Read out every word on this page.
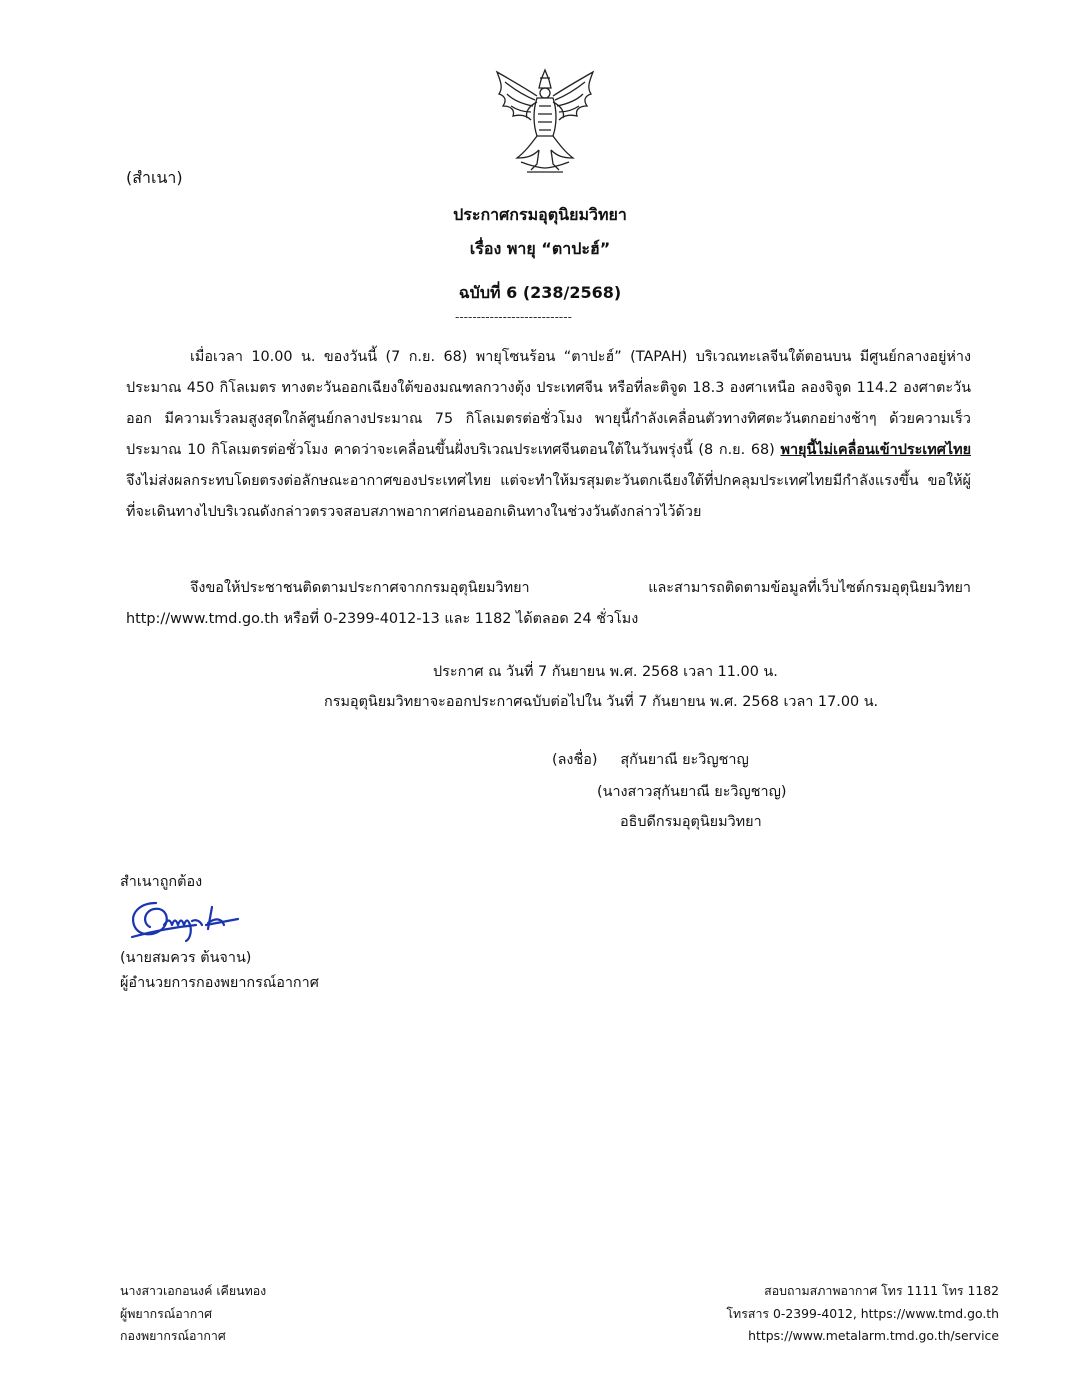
(สำเนา)
ประกาศกรมอุตุนิยมวิทยา
เรื่อง พายุ “ตาปะฮ์”
ฉบับที่ 6 (238/2568)
---------------------------
เมื่อเวลา 10.00 น. ของวันนี้ (7 ก.ย. 68) พายุโซนร้อน “ตาปะฮ์” (TAPAH) บริเวณทะเลจีนใต้ตอนบน มีศูนย์กลางอยู่ห่างประมาณ 450 กิโลเมตร ทางตะวันออกเฉียงใต้ของมณฑลกวางตุ้ง ประเทศจีน หรือที่ละติจูด 18.3 องศาเหนือ ลองจิจูด 114.2 องศาตะวันออก มีความเร็วลมสูงสุดใกล้ศูนย์กลางประมาณ 75 กิโลเมตรต่อชั่วโมง พายุนี้กำลังเคลื่อนตัวทางทิศตะวันตกอย่างช้าๆ ด้วยความเร็วประมาณ 10 กิโลเมตรต่อชั่วโมง คาดว่าจะเคลื่อนขึ้นฝั่งบริเวณประเทศจีนตอนใต้ในวันพรุ่งนี้ (8 ก.ย. 68) พายุนี้ไม่เคลื่อนเข้าประเทศไทย จึงไม่ส่งผลกระทบโดยตรงต่อลักษณะอากาศของประเทศไทย แต่จะทำให้มรสุมตะวันตกเฉียงใต้ที่ปกคลุมประเทศไทยมีกำลังแรงขึ้น ขอให้ผู้ที่จะเดินทางไปบริเวณดังกล่าวตรวจสอบสภาพอากาศก่อนออกเดินทางในช่วงวันดังกล่าวไว้ด้วย
จึงขอให้ประชาชนติดตามประกาศจากกรมอุตุนิยมวิทยา และสามารถติดตามข้อมูลที่เว็บไซต์กรมอุตุนิยมวิทยา http://www.tmd.go.th หรือที่ 0-2399-4012-13 และ 1182 ได้ตลอด 24 ชั่วโมง
ประกาศ ณ วันที่ 7 กันยายน พ.ศ. 2568 เวลา 11.00 น.
กรมอุตุนิยมวิทยาจะออกประกาศฉบับต่อไปใน วันที่ 7 กันยายน พ.ศ. 2568 เวลา 17.00 น.
(ลงชื่อ)     สุกันยาณี ยะวิญชาญ
(นางสาวสุกันยาณี ยะวิญชาญ)
อธิบดีกรมอุตุนิยมวิทยา
สำเนาถูกต้อง
(นายสมควร ต้นจาน)
ผู้อำนวยการกองพยากรณ์อากาศ
นางสาวเอกอนงค์ เคียนทอง
ผู้พยากรณ์อากาศ
กองพยากรณ์อากาศ
สอบถามสภาพอากาศ โทร 1111 โทร 1182
โทรสาร 0-2399-4012, https://www.tmd.go.th
https://www.metalarm.tmd.go.th/service
